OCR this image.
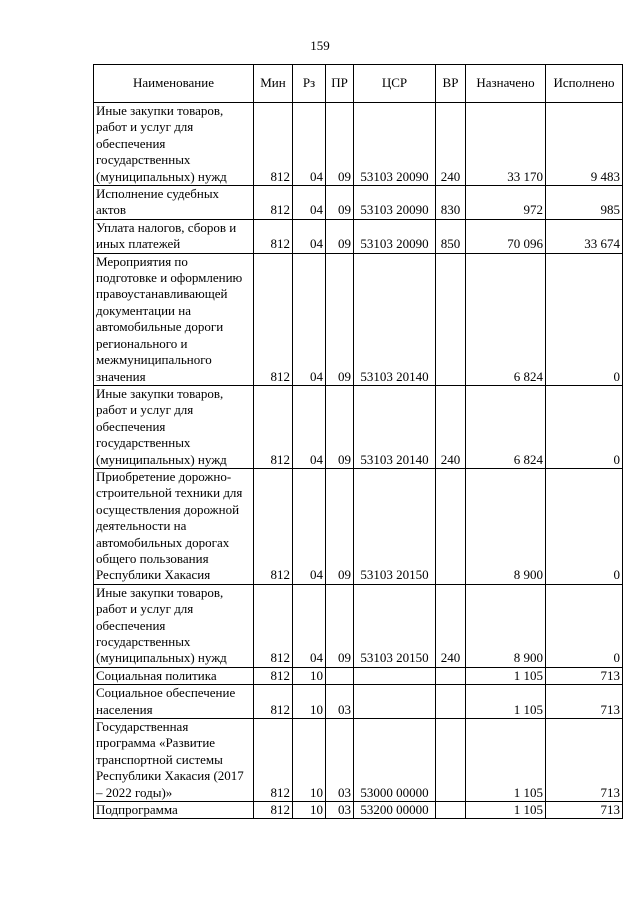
159
Наименование	Мин	Рз	ПР	ЦСР	ВР	Назначено	Исполнено
Иные закупки товаров, работ и услуг для обеспечения государственных (муниципальных) нужд	812	04	09	53103 20090	240	33 170	9 483
Исполнение судебных актов	812	04	09	53103 20090	830	972	985
Уплата налогов, сборов и иных платежей	812	04	09	53103 20090	850	70 096	33 674
Мероприятия по подготовке и оформлению правоустанавливающей документации на автомобильные дороги регионального и межмуниципального значения	812	04	09	53103 20140		6 824	0
Иные закупки товаров, работ и услуг для обеспечения государственных (муниципальных) нужд	812	04	09	53103 20140	240	6 824	0
Приобретение дорожно-строительной техники для осуществления дорожной деятельности на автомобильных дорогах общего пользования Республики Хакасия	812	04	09	53103 20150		8 900	0
Иные закупки товаров, работ и услуг для обеспечения государственных (муниципальных) нужд	812	04	09	53103 20150	240	8 900	0
Социальная политика	812	10				1 105	713
Социальное обеспечение населения	812	10	03			1 105	713
Государственная программа «Развитие транспортной системы Республики Хакасия (2017 – 2022 годы)»	812	10	03	53000 00000		1 105	713
Подпрограмма	812	10	03	53200 00000		1 105	713
